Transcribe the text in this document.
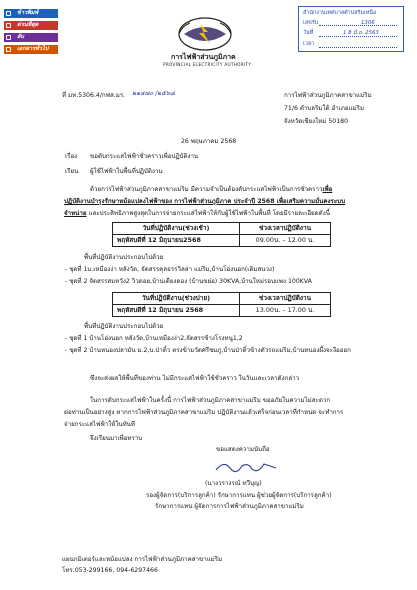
ข้าวพิมพ์
ด่วนที่สุด
ลับ
เอกสารทั่วไป
การไฟฟ้าส่วนภูมิภาค
PROVINCIAL ELECTRICITY AUTHORITY
สำนักงานเทศบาลตำบลริมเหนือ
เลขรับ	1306
วันที่	1 8 มิ.ย. 2563
เวลา
ที่ มท.5306.4/กฟส.มร. ๒๑๔๗๐ /๒๕๖๘	การไฟฟ้าส่วนภูมิภาคสาขาแม่ริม
71/6 ตำบลริมใต้ อำเภอแม่ริม
จังหวัดเชียงใหม่ 50180
26 พฤษภาคม 2568
เรื่อง ขอดับกระแสไฟฟ้าชั่วคราวเพื่อปฏิบัติงาน
เรียน ผู้ใช้ไฟฟ้าในพื้นที่ปฏิบัติงาน
ด้วยการไฟฟ้าส่วนภูมิภาคสาขาแม่ริม มีความจำเป็นต้องดับกระแสไฟฟ้าเป็นการชั่วคราวเพื่อ
ปฏิบัติงานบำรุงรักษาหม้อแปลงไฟฟ้าของ การไฟฟ้าส่วนภูมิภาค ประจำปี 2568 เพื่อเสริมความมั่นคงระบบ
จำหน่าย และประสิทธิภาพสูงสุดในการจ่ายกระแสไฟฟ้าให้กับผู้ใช้ไฟฟ้าในพื้นที่ โดยมีรายละเอียดดังนี้
วันที่ปฏิบัติงาน(ช่วงเช้า)	ช่วงเวลาปฏิบัติงาน
พฤหัสบดีที่ 12 มิถุนายน2568	09.00น. – 12.00 น.
พื้นที่ปฏิบัติงานประกอบไปด้วย
- ชุดที่ 1บ.เหมืองง่า หลังวัด, จัดสรรคุลธรรวิลล่า แม่ริม,บ้านโอ่งนอก(เติมสนวง)
- ชุดที่ 2 จัดสรรสมหวัง2 วิวดอย,บ้านเดียงดอง (บ้านขย่อ) 30KVA,บ้านใหม่รอบแพง 100KVA
วันที่ปฏิบัติงาน(ช่วงบ่าย)	ช่วงเวลาปฏิบัติงาน
พฤหัสบดีที่ 12 มิถุนายน 2568	13.00น. – 17.00 น.
พื้นที่ปฏิบัติงานประกอบไปด้วย
- ชุดที่ 1 บ้านโอ่งนอก หลังวัด,บ้านเหมืองง่า2,จัดสรรช้างโรงหนู1,2
- ชุดที่ 2 บ้านหนองปลามัน ม.2,บ.ป่าติ้ว ตรงข้ามวัดศรีชมภู,บ้านป่าติ้วข้างตัวรถแม่ริม,บ้านหนองผึ้งจะงือออก
ซึ่งจะส่งผลให้พื้นที่ของท่าน ไม่มีกระแสไฟฟ้าใช้ชั่วคราว ในวันและเวลาดังกล่าว
ในการดับกระแสไฟฟ้าในครั้งนี้ การไฟฟ้าส่วนภูมิภาคสาขาแม่ริม ขออภัยในความไม่สะดวก
ต่อท่านเป็นอย่างสูง หากการไฟฟ้าส่วนภูมิภาคสาขาแม่ริม ปฏิบัติงานแล้วเสร็จก่อนเวลาที่กำหนด จะทำการ
จ่ายกระแสไฟฟ้าให้ในทันที
จึงเรียนมาเพื่อทราบ
ขอแสดงความนับถือ
(นางวรางรณ์ ทวีบุญ)
รองผู้จัดการ(บริการลูกค้า) รักษาการแทน ผู้ช่วยผู้จัดการ(บริการลูกค้า)
รักษาการแทน ผู้จัดการการไฟฟ้าส่วนภูมิภาคสาขาแม่ริม
แผนกมิเตอร์และหม้อแปลง การไฟฟ้าส่วนภูมิภาคสาขาแม่ริม
โทร.053-299166, 094-6297466
